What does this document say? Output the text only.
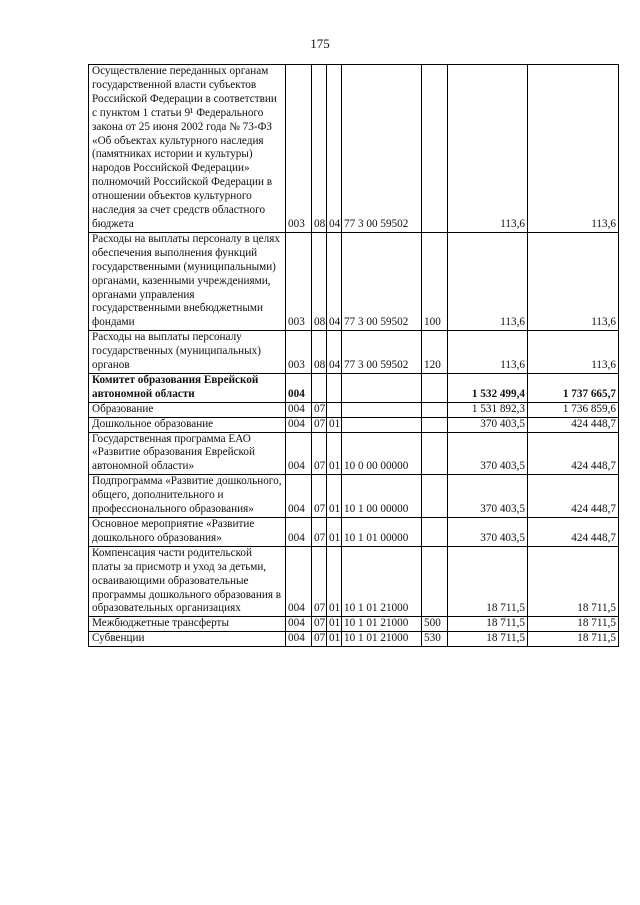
175
Осуществление переданных органам государственной власти субъектов Российской Федерации в соответствии с пунктом 1 статьи 9¹ Федерального закона от 25 июня 2002 года № 73-ФЗ «Об объектах культурного наследия (памятниках истории и культуры) народов Российской Федерации» полномочий Российской Федерации в отношении объектов культурного наследия за счет средств областного бюджета	003	08	04	77 3 00 59502		113,6	113,6

Расходы на выплаты персоналу в целях обеспечения выполнения функций государственными (муниципальными) органами, казенными учреждениями, органами управления государственными внебюджетными фондами	003	08	04	77 3 00 59502	100	113,6	113,6

Расходы на выплаты персоналу государственных (муниципальных) органов	003	08	04	77 3 00 59502	120	113,6	113,6

Комитет образования Еврейской автономной области	004					1 532 499,4	1 737 665,7

Образование	004	07				1 531 892,3	1 736 859,6

Дошкольное образование	004	07	01			370 403,5	424 448,7

Государственная программа ЕАО «Развитие образования Еврейской автономной области»	004	07	01	10 0 00 00000		370 403,5	424 448,7

Подпрограмма «Развитие дошкольного, общего, дополнительного и профессионального образования»	004	07	01	10 1 00 00000		370 403,5	424 448,7

Основное мероприятие «Развитие дошкольного образования»	004	07	01	10 1 01 00000		370 403,5	424 448,7

Компенсация части родительской платы за присмотр и уход за детьми, осваивающими образовательные программы дошкольного образования в образовательных организациях	004	07	01	10 1 01 21000		18 711,5	18 711,5

Межбюджетные трансферты	004	07	01	10 1 01 21000	500	18 711,5	18 711,5

Субвенции	004	07	01	10 1 01 21000	530	18 711,5	18 711,5
